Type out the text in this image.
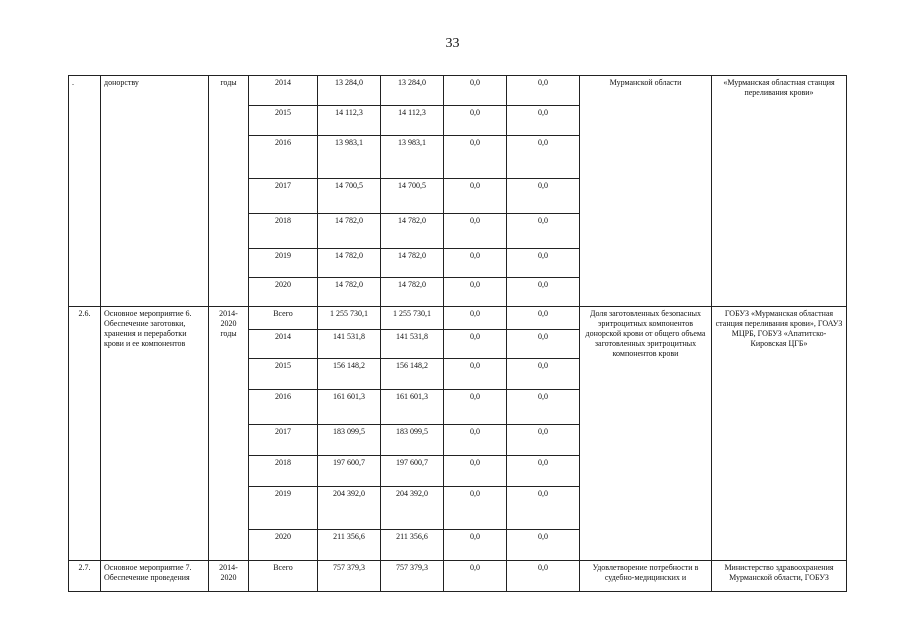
33
.	донорству	годы	2014	13 284,0	13 284,0	0,0	0,0	Мурманской области	«Мурманская областная станция переливания крови»
			2015	14 112,3	14 112,3	0,0	0,0		
			2016	13 983,1	13 983,1	0,0	0,0		
			2017	14 700,5	14 700,5	0,0	0,0		
			2018	14 782,0	14 782,0	0,0	0,0		
			2019	14 782,0	14 782,0	0,0	0,0		
			2020	14 782,0	14 782,0	0,0	0,0		
2.6.	Основное мероприятие 6. Обеспечение заготовки, хранения и переработки крови и ее компонентов	2014-2020 годы	Всего	1 255 730,1	1 255 730,1	0,0	0,0	Доля заготовленных безопасных эритроцитных компонентов донорской крови от общего объема заготовленных эритроцитных компонентов крови	ГОБУЗ «Мурманская областная станция переливания крови», ГОАУЗ МЦРБ, ГОБУЗ «Апатитско-Кировская ЦГБ»
			2014	141 531,8	141 531,8	0,0	0,0		
			2015	156 148,2	156 148,2	0,0	0,0		
			2016	161 601,3	161 601,3	0,0	0,0		
			2017	183 099,5	183 099,5	0,0	0,0		
			2018	197 600,7	197 600,7	0,0	0,0		
			2019	204 392,0	204 392,0	0,0	0,0		
			2020	211 356,6	211 356,6	0,0	0,0		
2.7.	Основное мероприятие 7. Обеспечение проведения	2014-2020	Всего	757 379,3	757 379,3	0,0	0,0	Удовлетворение потребности в судебно-медицинских и	Министерство здравоохранения Мурманской области, ГОБУЗ
